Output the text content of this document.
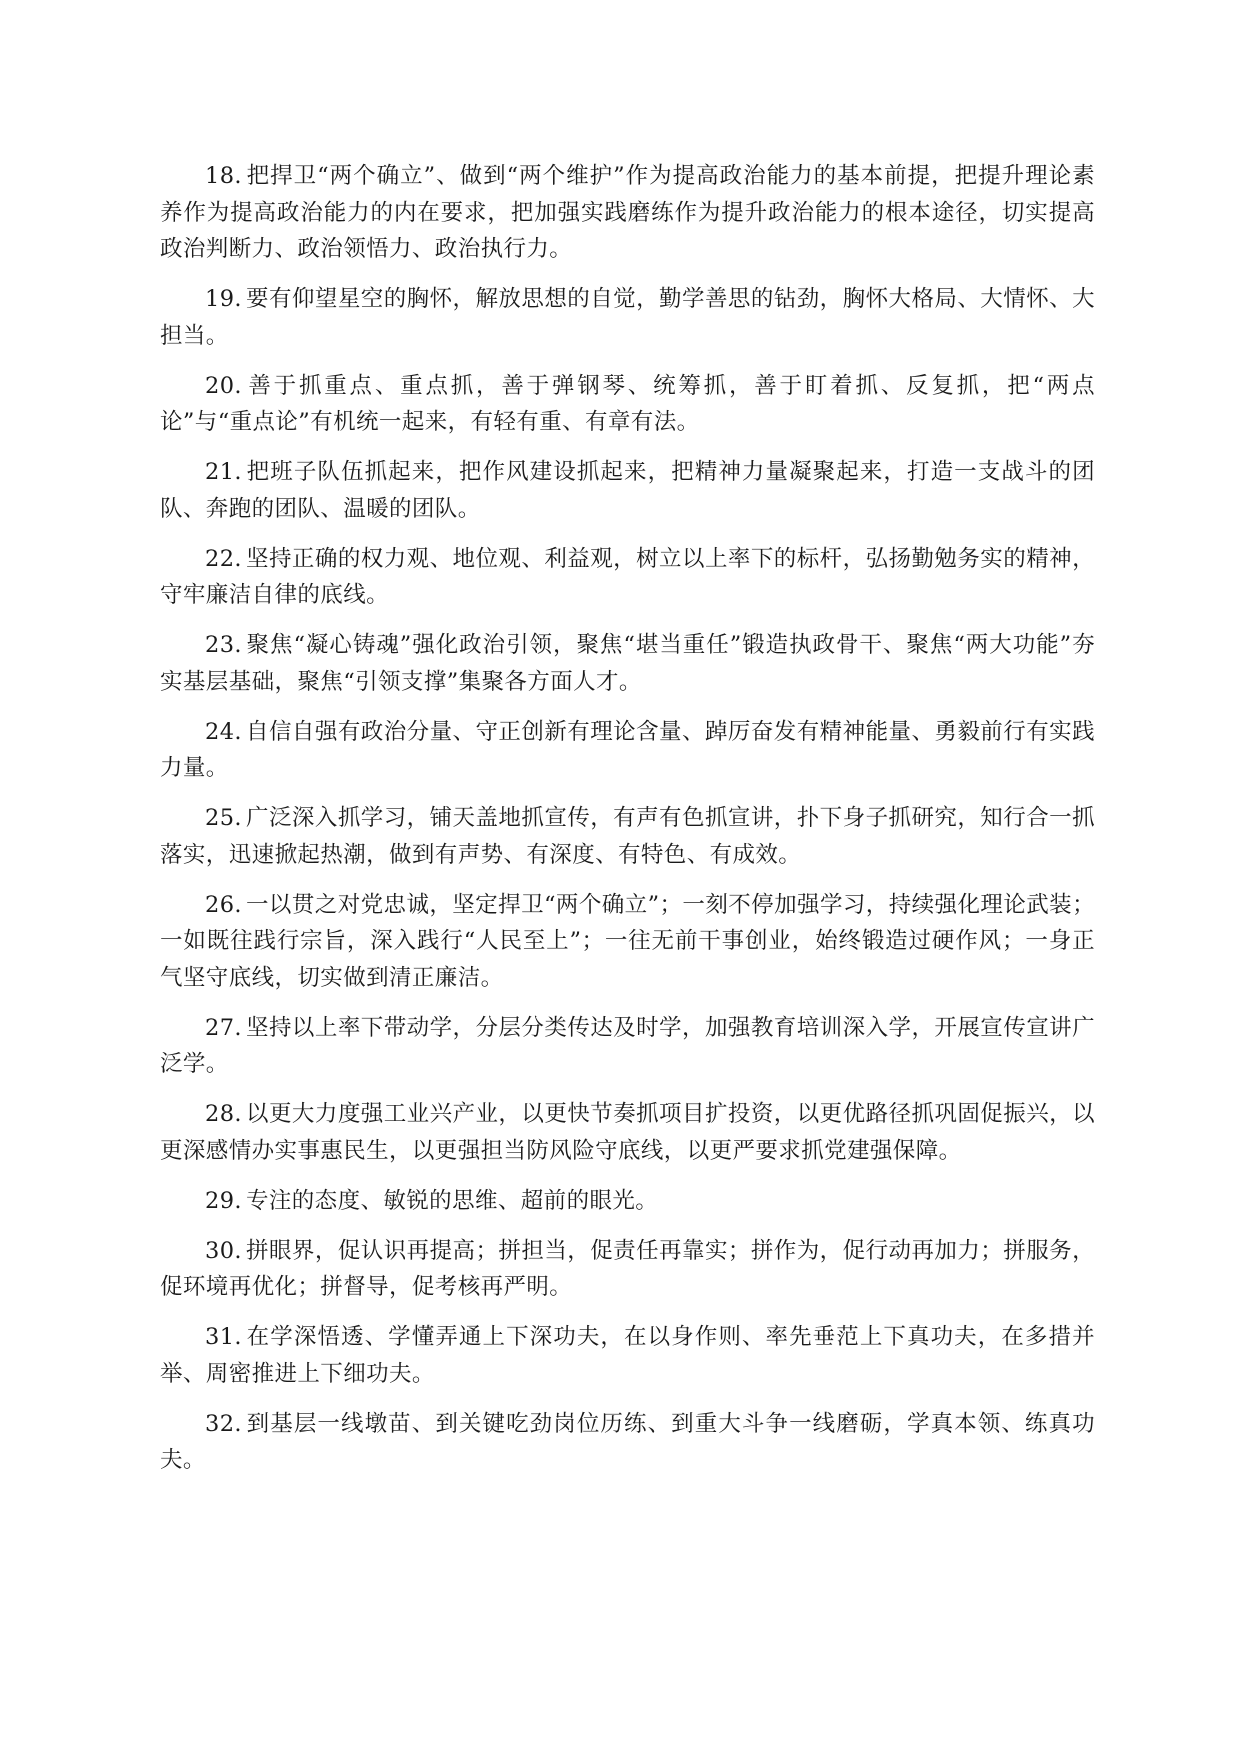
18. 把捍卫“两个确立”、做到“两个维护”作为提高政治能力的基本前提，把提升理论素养作为提高政治能力的内在要求，把加强实践磨练作为提升政治能力的根本途径，切实提高政治判断力、政治领悟力、政治执行力。

19. 要有仰望星空的胸怀，解放思想的自觉，勤学善思的钻劲，胸怀大格局、大情怀、大担当。

20. 善于抓重点、重点抓，善于弹钢琴、统筹抓，善于盯着抓、反复抓，把“两点论”与“重点论”有机统一起来，有轻有重、有章有法。

21. 把班子队伍抓起来，把作风建设抓起来，把精神力量凝聚起来，打造一支战斗的团队、奔跑的团队、温暖的团队。

22. 坚持正确的权力观、地位观、利益观，树立以上率下的标杆，弘扬勤勉务实的精神，守牢廉洁自律的底线。

23. 聚焦“凝心铸魂”强化政治引领，聚焦“堪当重任”锻造执政骨干、聚焦“两大功能”夯实基层基础，聚焦“引领支撑”集聚各方面人才。

24. 自信自强有政治分量、守正创新有理论含量、踔厉奋发有精神能量、勇毅前行有实践力量。

25. 广泛深入抓学习，铺天盖地抓宣传，有声有色抓宣讲，扑下身子抓研究，知行合一抓落实，迅速掀起热潮，做到有声势、有深度、有特色、有成效。

26. 一以贯之对党忠诚，坚定捍卫“两个确立”；一刻不停加强学习，持续强化理论武装；一如既往践行宗旨，深入践行“人民至上”；一往无前干事创业，始终锻造过硬作风；一身正气坚守底线，切实做到清正廉洁。

27. 坚持以上率下带动学，分层分类传达及时学，加强教育培训深入学，开展宣传宣讲广泛学。

28. 以更大力度强工业兴产业，以更快节奏抓项目扩投资，以更优路径抓巩固促振兴，以更深感情办实事惠民生，以更强担当防风险守底线，以更严要求抓党建强保障。

29. 专注的态度、敏锐的思维、超前的眼光。

30. 拼眼界，促认识再提高；拼担当，促责任再靠实；拼作为，促行动再加力；拼服务，促环境再优化；拼督导，促考核再严明。

31. 在学深悟透、学懂弄通上下深功夫，在以身作则、率先垂范上下真功夫，在多措并举、周密推进上下细功夫。

32. 到基层一线墩苗、到关键吃劲岗位历练、到重大斗争一线磨砺，学真本领、练真功夫。
